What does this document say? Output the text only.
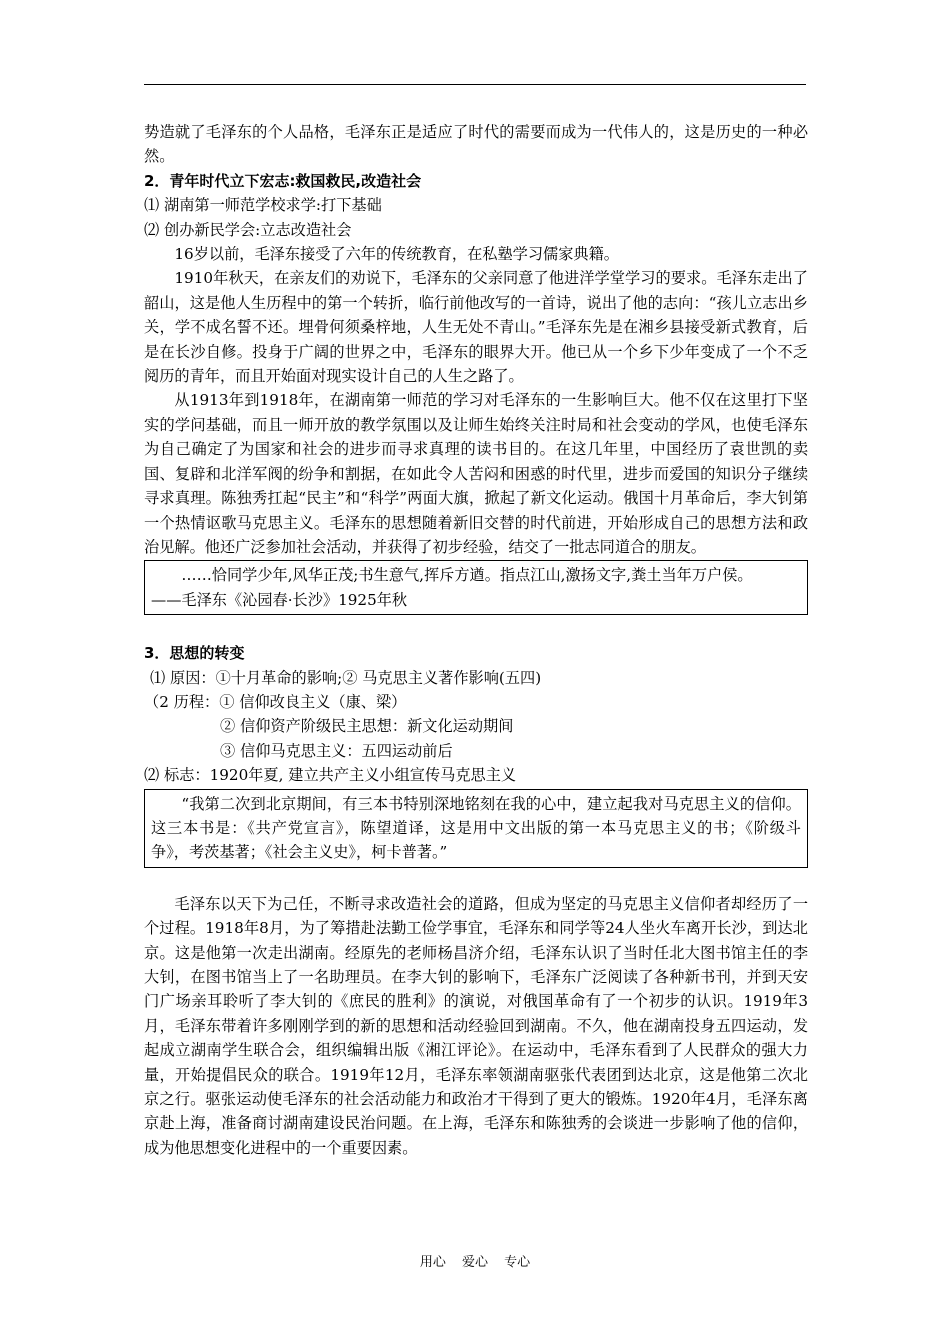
势造就了毛泽东的个人品格，毛泽东正是适应了时代的需要而成为一代伟人的，这是历史的一种必然。

2．青年时代立下宏志:救国救民,改造社会

⑴ 湖南第一师范学校求学:打下基础

⑵ 创办新民学会:立志改造社会

16岁以前，毛泽东接受了六年的传统教育，在私塾学习儒家典籍。

1910年秋天，在亲友们的劝说下，毛泽东的父亲同意了他进洋学堂学习的要求。毛泽东走出了韶山，这是他人生历程中的第一个转折，临行前他改写的一首诗，说出了他的志向：“孩儿立志出乡关，学不成名誓不还。埋骨何须桑梓地，人生无处不青山。”毛泽东先是在湘乡县接受新式教育，后是在长沙自修。投身于广阔的世界之中，毛泽东的眼界大开。他已从一个乡下少年变成了一个不乏阅历的青年，而且开始面对现实设计自己的人生之路了。

从1913年到1918年，在湖南第一师范的学习对毛泽东的一生影响巨大。他不仅在这里打下坚实的学问基础，而且一师开放的教学氛围以及让师生始终关注时局和社会变动的学风，也使毛泽东为自己确定了为国家和社会的进步而寻求真理的读书目的。在这几年里，中国经历了袁世凯的卖国、复辟和北洋军阀的纷争和割据，在如此令人苦闷和困惑的时代里，进步而爱国的知识分子继续寻求真理。陈独秀扛起“民主”和“科学”两面大旗，掀起了新文化运动。俄国十月革命后，李大钊第一个热情讴歌马克思主义。毛泽东的思想随着新旧交替的时代前进，开始形成自己的思想方法和政治见解。他还广泛参加社会活动，并获得了初步经验，结交了一批志同道合的朋友。

……恰同学少年,风华正茂;书生意气,挥斥方遒。指点江山,激扬文字,粪土当年万户侯。

——毛泽东《沁园春·长沙》1925年秋

3．思想的转变

⑴ 原因：①十月革命的影响;② 马克思主义著作影响(五四)

（2 历程：① 信仰改良主义（康、梁）

② 信仰资产阶级民主思想：新文化运动期间

③ 信仰马克思主义：五四运动前后

⑵ 标志：1920年夏, 建立共产主义小组宣传马克思主义

“我第二次到北京期间，有三本书特别深地铭刻在我的心中，建立起我对马克思主义的信仰。这三本书是：《共产党宣言》，陈望道译，这是用中文出版的第一本马克思主义的书；《阶级斗争》，考茨基著；《社会主义史》，柯卡普著。”

毛泽东以天下为己任，不断寻求改造社会的道路，但成为坚定的马克思主义信仰者却经历了一个过程。1918年8月，为了筹措赴法勤工俭学事宜，毛泽东和同学等24人坐火车离开长沙，到达北京。这是他第一次走出湖南。经原先的老师杨昌济介绍，毛泽东认识了当时任北大图书馆主任的李大钊，在图书馆当上了一名助理员。在李大钊的影响下，毛泽东广泛阅读了各种新书刊，并到天安门广场亲耳聆听了李大钊的《庶民的胜利》的演说，对俄国革命有了一个初步的认识。1919年3月，毛泽东带着许多刚刚学到的新的思想和活动经验回到湖南。不久，他在湖南投身五四运动，发起成立湖南学生联合会，组织编辑出版《湘江评论》。在运动中，毛泽东看到了人民群众的强大力量，开始提倡民众的联合。1919年12月，毛泽东率领湖南驱张代表团到达北京，这是他第二次北京之行。驱张运动使毛泽东的社会活动能力和政治才干得到了更大的锻炼。1920年4月，毛泽东离京赴上海，准备商讨湖南建设民治问题。在上海，毛泽东和陈独秀的会谈进一步影响了他的信仰，成为他思想变化进程中的一个重要因素。

用心 爱心 专心
